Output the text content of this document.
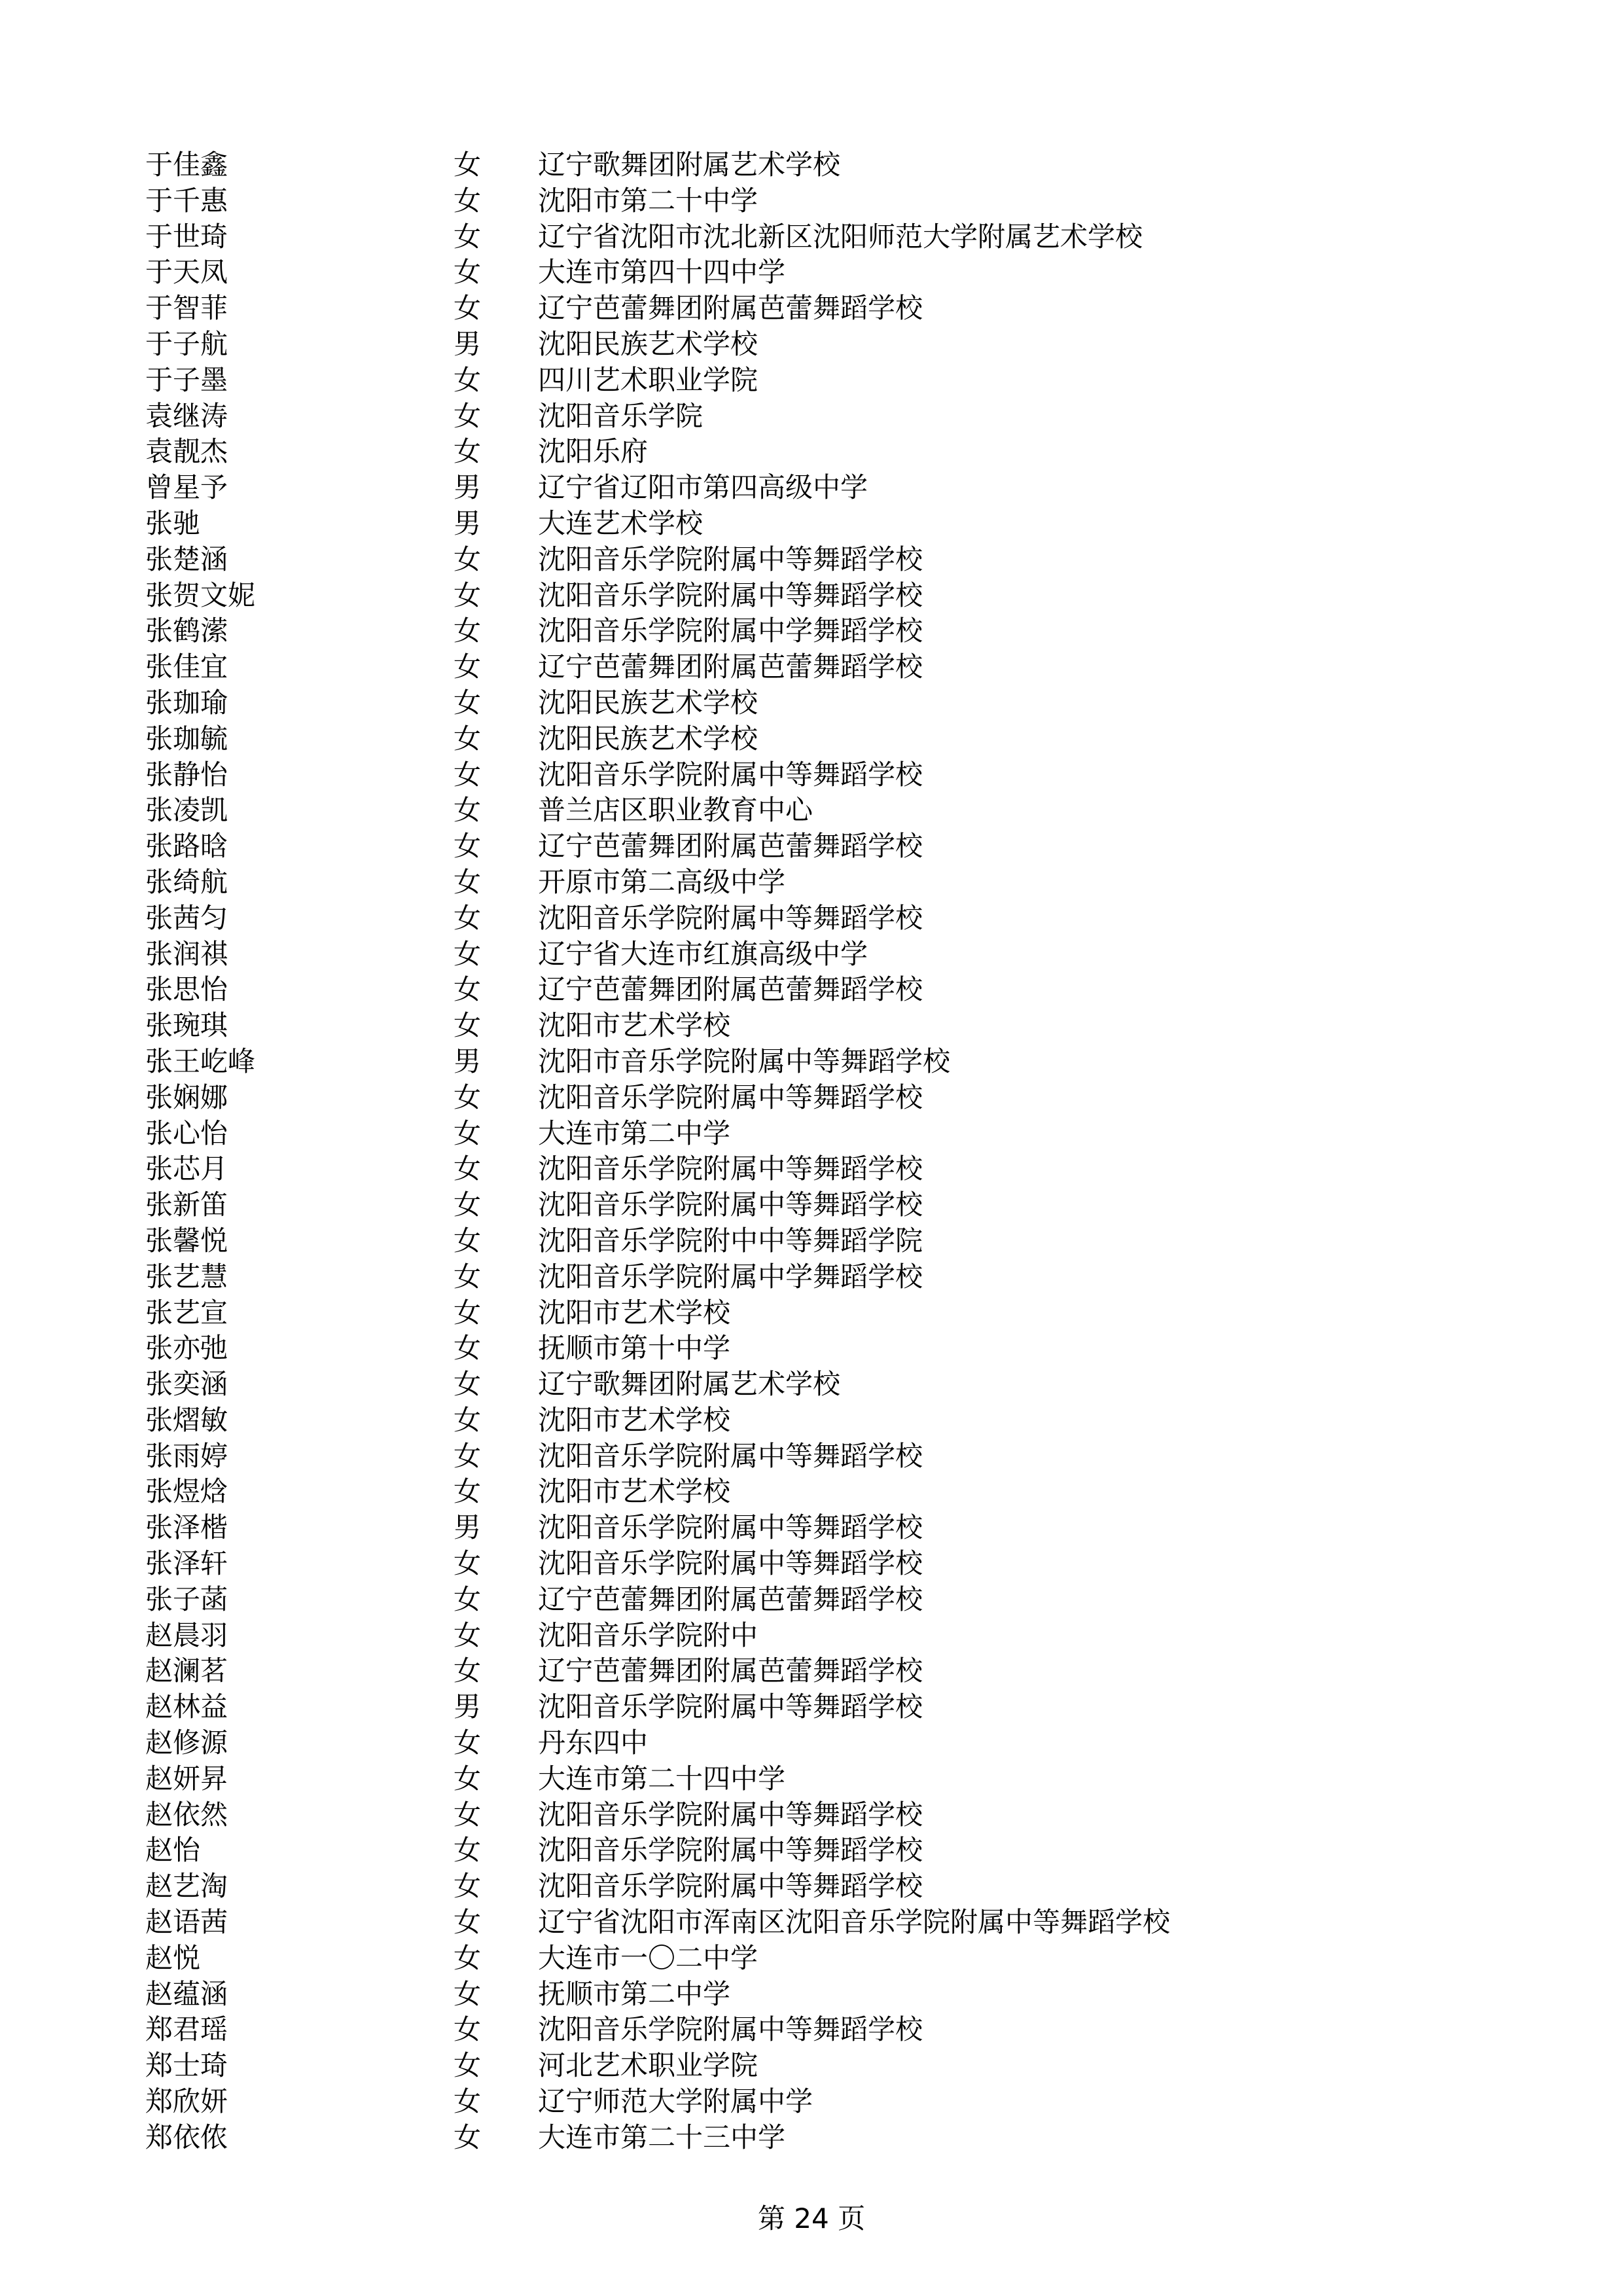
于佳鑫	女 辽宁歌舞团附属艺术学校
于千惠	女 沈阳市第二十中学
于世琦	女 辽宁省沈阳市沈北新区沈阳师范大学附属艺术学校
于天凤	女 大连市第四十四中学
于智菲	女 辽宁芭蕾舞团附属芭蕾舞蹈学校
于子航	男 沈阳民族艺术学校
于子墨	女 四川艺术职业学院
袁继涛	女 沈阳音乐学院
袁靓杰	女 沈阳乐府
曾星予	男 辽宁省辽阳市第四高级中学
张驰	男 大连艺术学校
张楚涵	女 沈阳音乐学院附属中等舞蹈学校
张贺文妮	女 沈阳音乐学院附属中等舞蹈学校
张鹤潆	女 沈阳音乐学院附属中学舞蹈学校
张佳宜	女 辽宁芭蕾舞团附属芭蕾舞蹈学校
张珈瑜	女 沈阳民族艺术学校
张珈毓	女 沈阳民族艺术学校
张静怡	女 沈阳音乐学院附属中等舞蹈学校
张凌凯	女 普兰店区职业教育中心
张路晗	女 辽宁芭蕾舞团附属芭蕾舞蹈学校
张绮航	女 开原市第二高级中学
张茜匀	女 沈阳音乐学院附属中等舞蹈学校
张润祺	女 辽宁省大连市红旗高级中学
张思怡	女 辽宁芭蕾舞团附属芭蕾舞蹈学校
张琬琪	女 沈阳市艺术学校
张王屹峰	男 沈阳市音乐学院附属中等舞蹈学校
张娴娜	女 沈阳音乐学院附属中等舞蹈学校
张心怡	女 大连市第二中学
张芯月	女 沈阳音乐学院附属中等舞蹈学校
张新笛	女 沈阳音乐学院附属中等舞蹈学校
张馨悦	女 沈阳音乐学院附中中等舞蹈学院
张艺慧	女 沈阳音乐学院附属中学舞蹈学校
张艺宣	女 沈阳市艺术学校
张亦弛	女 抚顺市第十中学
张奕涵	女 辽宁歌舞团附属艺术学校
张熠敏	女 沈阳市艺术学校
张雨婷	女 沈阳音乐学院附属中等舞蹈学校
张煜焓	女 沈阳市艺术学校
张泽楷	男 沈阳音乐学院附属中等舞蹈学校
张泽轩	女 沈阳音乐学院附属中等舞蹈学校
张子菡	女 辽宁芭蕾舞团附属芭蕾舞蹈学校
赵晨羽	女 沈阳音乐学院附中
赵澜茗	女 辽宁芭蕾舞团附属芭蕾舞蹈学校
赵林益	男 沈阳音乐学院附属中等舞蹈学校
赵修源	女 丹东四中
赵妍昇	女 大连市第二十四中学
赵依然	女 沈阳音乐学院附属中等舞蹈学校
赵怡	女 沈阳音乐学院附属中等舞蹈学校
赵艺淘	女 沈阳音乐学院附属中等舞蹈学校
赵语茜	女 辽宁省沈阳市浑南区沈阳音乐学院附属中等舞蹈学校
赵悦	女 大连市一〇二中学
赵蕴涵	女 抚顺市第二中学
郑君瑶	女 沈阳音乐学院附属中等舞蹈学校
郑士琦	女 河北艺术职业学院
郑欣妍	女 辽宁师范大学附属中学
郑依侬	女 大连市第二十三中学
第 24 页
